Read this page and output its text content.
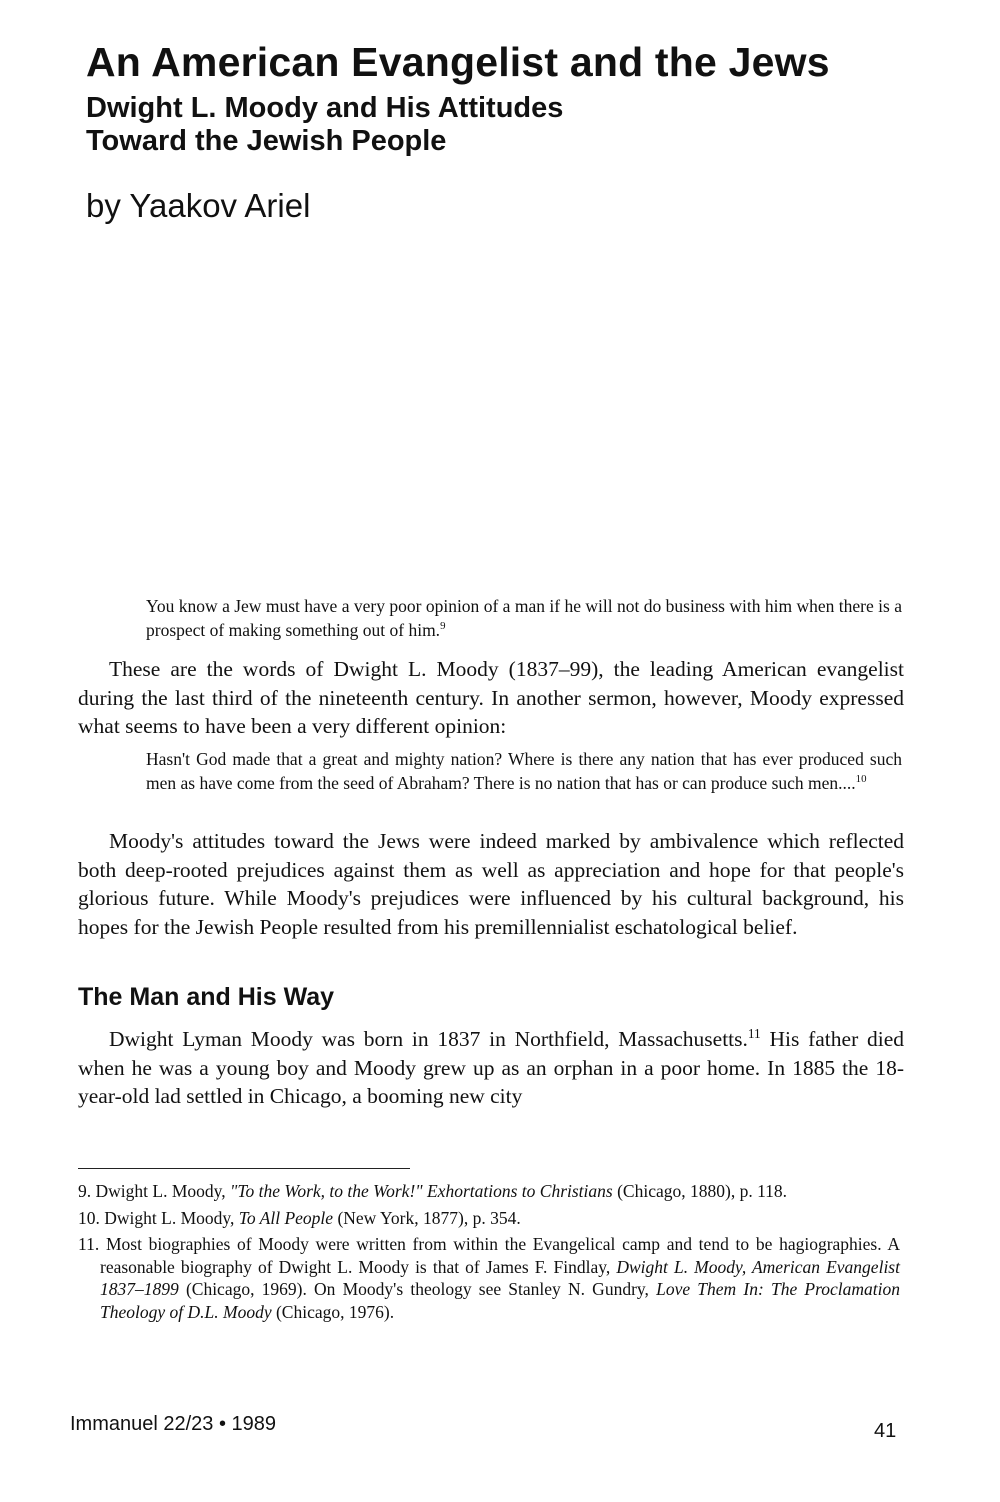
An American Evangelist and the Jews
Dwight L. Moody and His Attitudes
Toward the Jewish People

by Yaakov Ariel

You know a Jew must have a very poor opinion of a man if he will not do business with him when there is a prospect of making something out of him.$^9$

These are the words of Dwight L. Moody (1837–99), the leading American evangelist during the last third of the nineteenth century. In another sermon, however, Moody expressed what seems to have been a very different opinion:

Hasn't God made that a great and mighty nation? Where is there any nation that has ever produced such men as have come from the seed of Abraham? There is no nation that has or can produce such men....$^{10}$

Moody's attitudes toward the Jews were indeed marked by ambivalence which reflected both deep-rooted prejudices against them as well as appreciation and hope for that people's glorious future. While Moody's prejudices were influenced by his cultural background, his hopes for the Jewish People resulted from his premillennialist eschatological belief.

The Man and His Way

Dwight Lyman Moody was born in 1837 in Northfield, Massachusetts.$^{11}$ His father died when he was a young boy and Moody grew up as an orphan in a poor home. In 1885 the 18-year-old lad settled in Chicago, a booming new city

9. Dwight L. Moody, "To the Work, to the Work!" Exhortations to Christians (Chicago, 1880), p. 118.
10. Dwight L. Moody, To All People (New York, 1877), p. 354.
11. Most biographies of Moody were written from within the Evangelical camp and tend to be hagiographies. A reasonable biography of Dwight L. Moody is that of James F. Findlay, Dwight L. Moody, American Evangelist 1837–1899 (Chicago, 1969). On Moody's theology see Stanley N. Gundry, Love Them In: The Proclamation Theology of D.L. Moody (Chicago, 1976).

Immanuel 22/23 • 1989	41
